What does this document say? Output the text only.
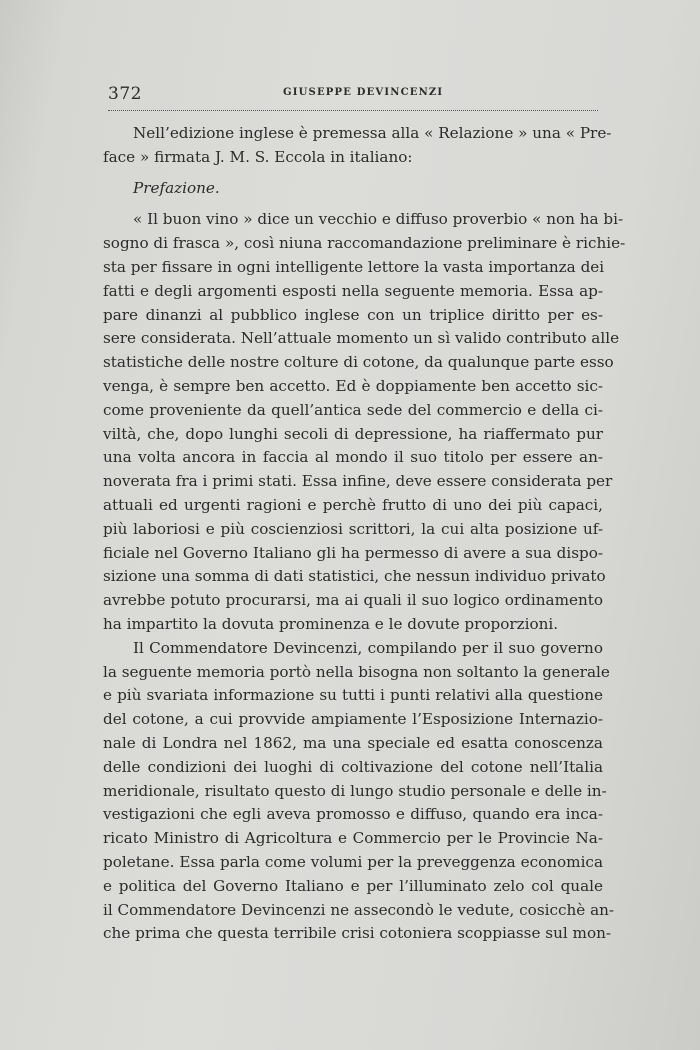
372	GIUSEPPE DEVINCENZI
Nell’edizione inglese è premessa alla « Relazione » una « Pre-
face » firmata J. M. S. Eccola in italiano:
Prefazione.
« Il buon vino » dice un vecchio e diffuso proverbio « non ha bi-
sogno di frasca », così niuna raccomandazione preliminare è richie-
sta per fissare in ogni intelligente lettore la vasta importanza dei
fatti e degli argomenti esposti nella seguente memoria. Essa ap-
pare dinanzi al pubblico inglese con un triplice diritto per es-
sere considerata. Nell’attuale momento un sì valido contributo alle
statistiche delle nostre colture di cotone, da qualunque parte esso
venga, è sempre ben accetto. Ed è doppiamente ben accetto sic-
come proveniente da quell’antica sede del commercio e della ci-
viltà, che, dopo lunghi secoli di depressione, ha riaffermato pur
una volta ancora in faccia al mondo il suo titolo per essere an-
noverata fra i primi stati. Essa infine, deve essere considerata per
attuali ed urgenti ragioni e perchè frutto di uno dei più capaci,
più laboriosi e più coscienziosi scrittori, la cui alta posizione uf-
ficiale nel Governo Italiano gli ha permesso di avere a sua dispo-
sizione una somma di dati statistici, che nessun individuo privato
avrebbe potuto procurarsi, ma ai quali il suo logico ordinamento
ha impartito la dovuta prominenza e le dovute proporzioni.
Il Commendatore Devincenzi, compilando per il suo governo
la seguente memoria portò nella bisogna non soltanto la generale
e più svariata informazione su tutti i punti relativi alla questione
del cotone, a cui provvide ampiamente l’Esposizione Internazio-
nale di Londra nel 1862, ma una speciale ed esatta conoscenza
delle condizioni dei luoghi di coltivazione del cotone nell’Italia
meridionale, risultato questo di lungo studio personale e delle in-
vestigazioni che egli aveva promosso e diffuso, quando era inca-
ricato Ministro di Agricoltura e Commercio per le Provincie Na-
poletane. Essa parla come volumi per la preveggenza economica
e politica del Governo Italiano e per l’illuminato zelo col quale
il Commendatore Devincenzi ne assecondò le vedute, cosicchè an-
che prima che questa terribile crisi cotoniera scoppiasse sul mon-
